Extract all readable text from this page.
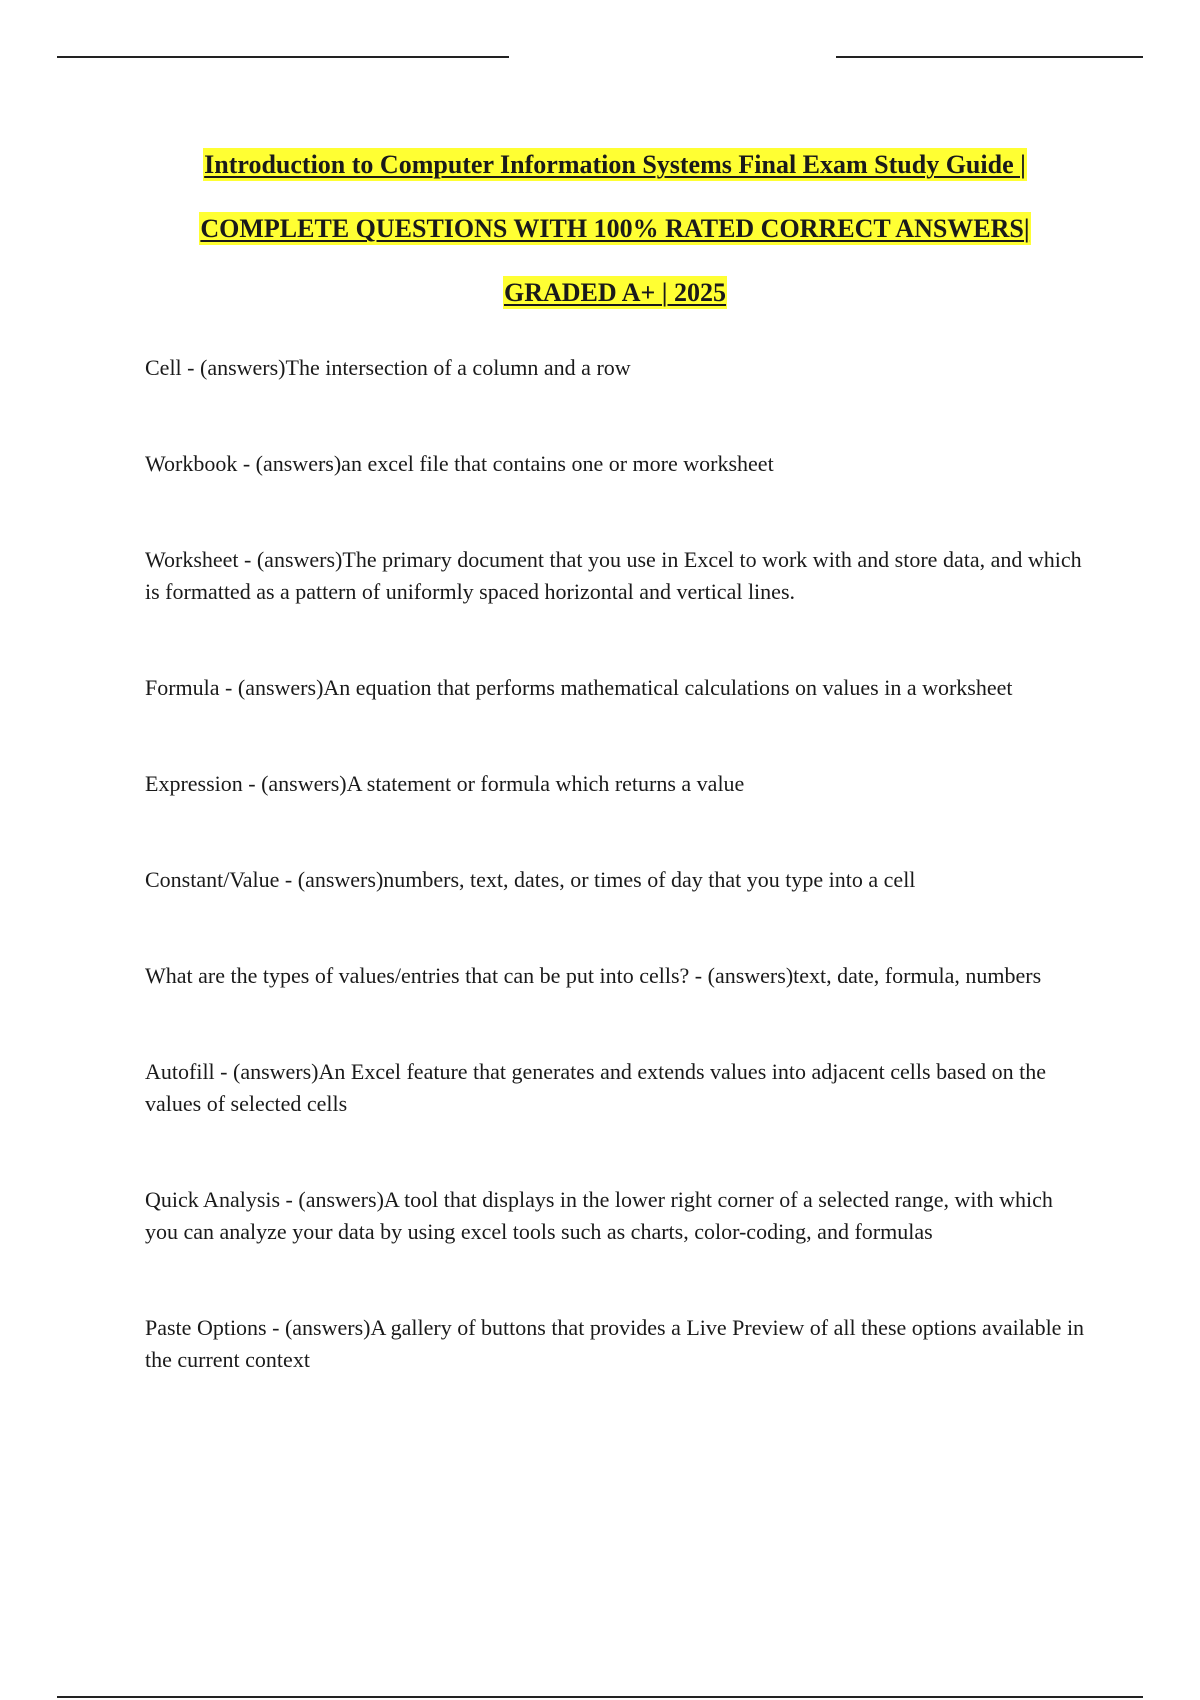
Introduction to Computer Information Systems Final Exam Study Guide |

COMPLETE QUESTIONS WITH 100% RATED CORRECT ANSWERS|

GRADED A+ | 2025

Cell - (answers)The intersection of a column and a row

Workbook - (answers)an excel file that contains one or more worksheet

Worksheet - (answers)The primary document that you use in Excel to work with and store data, and which is formatted as a pattern of uniformly spaced horizontal and vertical lines.

Formula - (answers)An equation that performs mathematical calculations on values in a worksheet

Expression - (answers)A statement or formula which returns a value

Constant/Value - (answers)numbers, text, dates, or times of day that you type into a cell

What are the types of values/entries that can be put into cells? - (answers)text, date, formula, numbers

Autofill - (answers)An Excel feature that generates and extends values into adjacent cells based on the values of selected cells

Quick Analysis - (answers)A tool that displays in the lower right corner of a selected range, with which you can analyze your data by using excel tools such as charts, color-coding, and formulas

Paste Options - (answers)A gallery of buttons that provides a Live Preview of all these options available in the current context
